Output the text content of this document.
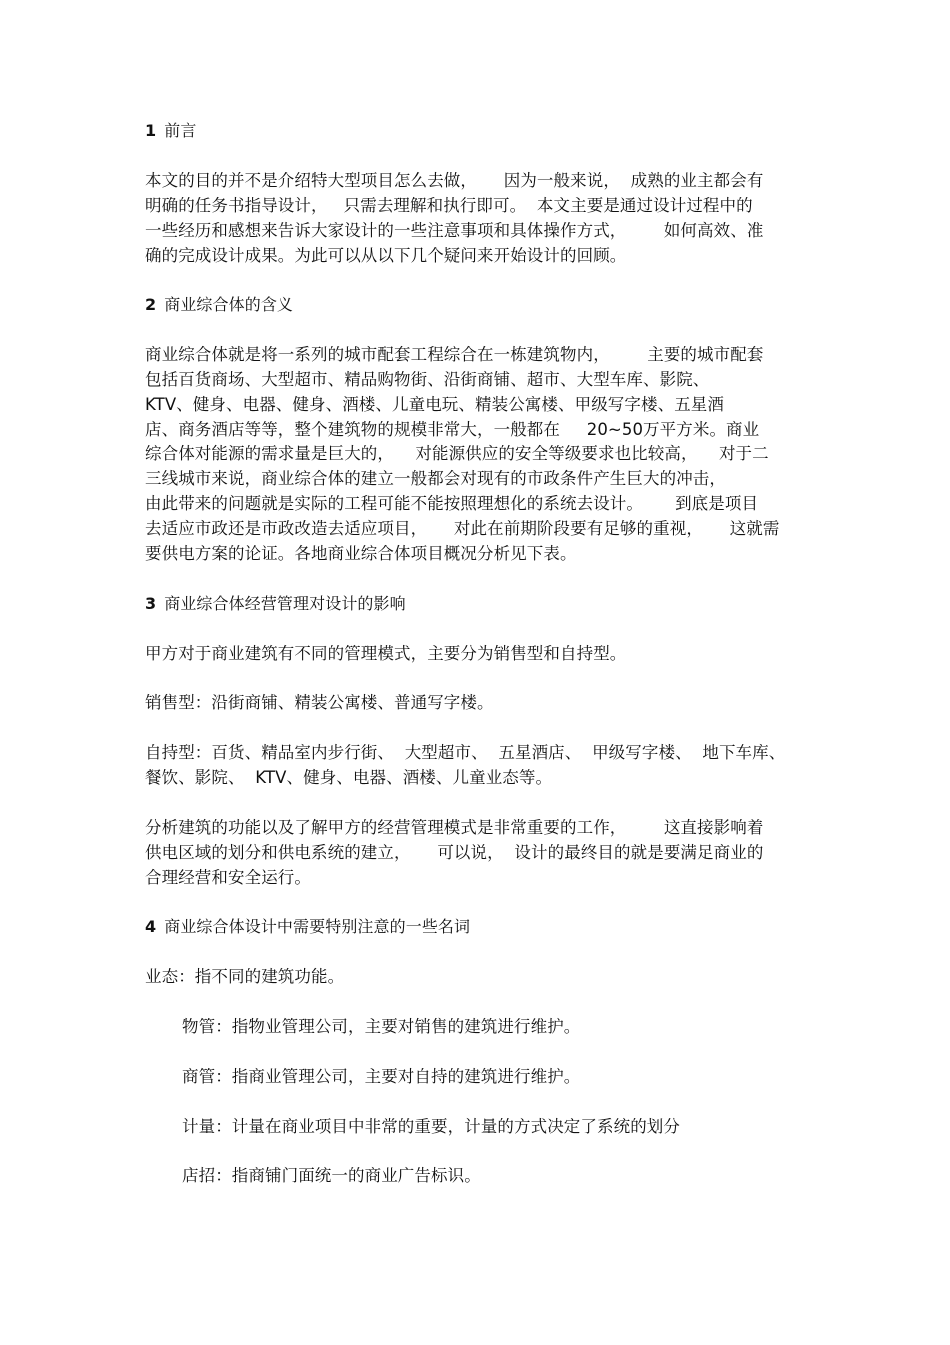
1 前言

本文的目的并不是介绍特大型项目怎么去做，     因为一般来说，  成熟的业主都会有

明确的任务书指导设计，   只需去理解和执行即可。  本文主要是通过设计过程中的

一些经历和感想来告诉大家设计的一些注意事项和具体操作方式，       如何高效、准

确的完成设计成果。为此可以从以下几个疑问来开始设计的回顾。

2 商业综合体的含义

商业综合体就是将一系列的城市配套工程综合在一栋建筑物内，       主要的城市配套

包括百货商场、大型超市、精品购物街、沿街商铺、超市、大型车库、影院、

KTV、健身、电器、健身、酒楼、儿童电玩、精装公寓楼、甲级写字楼、五星酒

店、商务酒店等等，整个建筑物的规模非常大，一般都在     20~50万平方米。商业

综合体对能源的需求量是巨大的，    对能源供应的安全等级要求也比较高，    对于二

三线城市来说，商业综合体的建立一般都会对现有的市政条件产生巨大的冲击，

由此带来的问题就是实际的工程可能不能按照理想化的系统去设计。      到底是项目

去适应市政还是市政改造去适应项目，     对此在前期阶段要有足够的重视，     这就需

要供电方案的论证。各地商业综合体项目概况分析见下表。

3 商业综合体经营管理对设计的影响

甲方对于商业建筑有不同的管理模式，主要分为销售型和自持型。

销售型：沿街商铺、精装公寓楼、普通写字楼。

自持型：百货、精品室内步行街、  大型超市、  五星酒店、  甲级写字楼、  地下车库、

餐饮、影院、  KTV、健身、电器、酒楼、儿童业态等。

分析建筑的功能以及了解甲方的经营管理模式是非常重要的工作，       这直接影响着

供电区域的划分和供电系统的建立，     可以说，  设计的最终目的就是要满足商业的

合理经营和安全运行。

4 商业综合体设计中需要特别注意的一些名词

业态：指不同的建筑功能。

物管：指物业管理公司，主要对销售的建筑进行维护。

商管：指商业管理公司，主要对自持的建筑进行维护。

计量：计量在商业项目中非常的重要，计量的方式决定了系统的划分

店招：指商铺门面统一的商业广告标识。
